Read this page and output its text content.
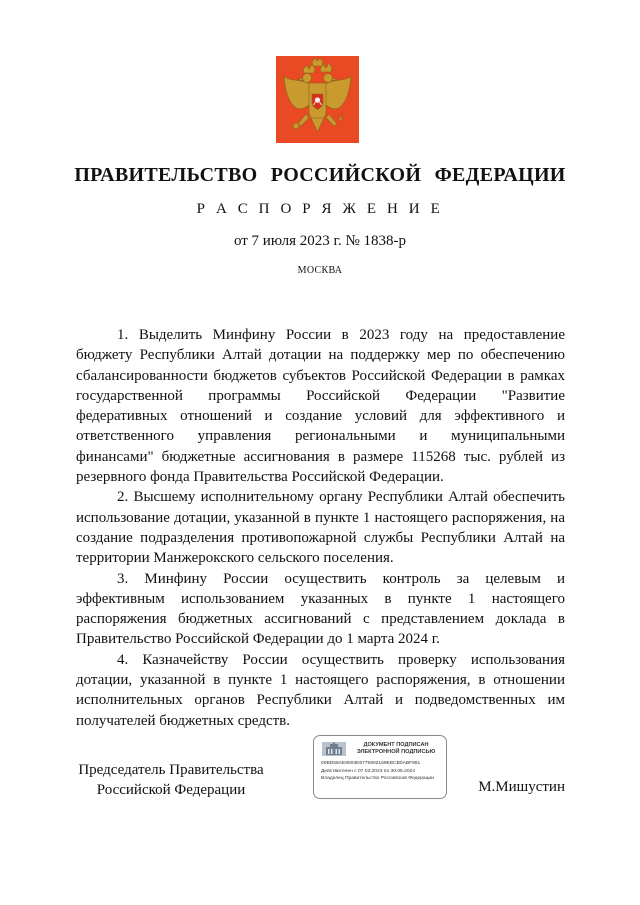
ПРАВИТЕЛЬСТВО РОССИЙСКОЙ ФЕДЕРАЦИИ
Р А С П О Р Я Ж Е Н И Е
от 7 июля 2023 г. № 1838-р
МОСКВА

1. Выделить Минфину России в 2023 году на предоставление бюджету Республики Алтай дотации на поддержку мер по обеспечению сбалансированности бюджетов субъектов Российской Федерации в рамках государственной программы Российской Федерации "Развитие федеративных отношений и создание условий для эффективного и ответственного управления региональными и муниципальными финансами" бюджетные ассигнования в размере 115268 тыс. рублей из резервного фонда Правительства Российской Федерации.

2. Высшему исполнительному органу Республики Алтай обеспечить использование дотации, указанной в пункте 1 настоящего распоряжения, на создание подразделения противопожарной службы Республики Алтай на территории Манжерокского сельского поселения.

3. Минфину России осуществить контроль за целевым и эффективным использованием указанных в пункте 1 настоящего распоряжения бюджетных ассигнований с представлением доклада в Правительство Российской Федерации до 1 марта 2024 г.

4. Казначейству России осуществить проверку использования дотации, указанной в пункте 1 настоящего распоряжения, в отношении исполнительных органов Республики Алтай и подведомственных им получателей бюджетных средств.

Председатель Правительства
Российской Федерации
ДОКУМЕНТ ПОДПИСАН
ЭЛЕКТРОННОЙ ПОДПИСЬЮ
00BD58AE8003E6775902169EBCB0ABF891
Действителен с 07.03.2023 по 30.05.2024
Владелец Правительство Российской Федерации
М.Мишустин
